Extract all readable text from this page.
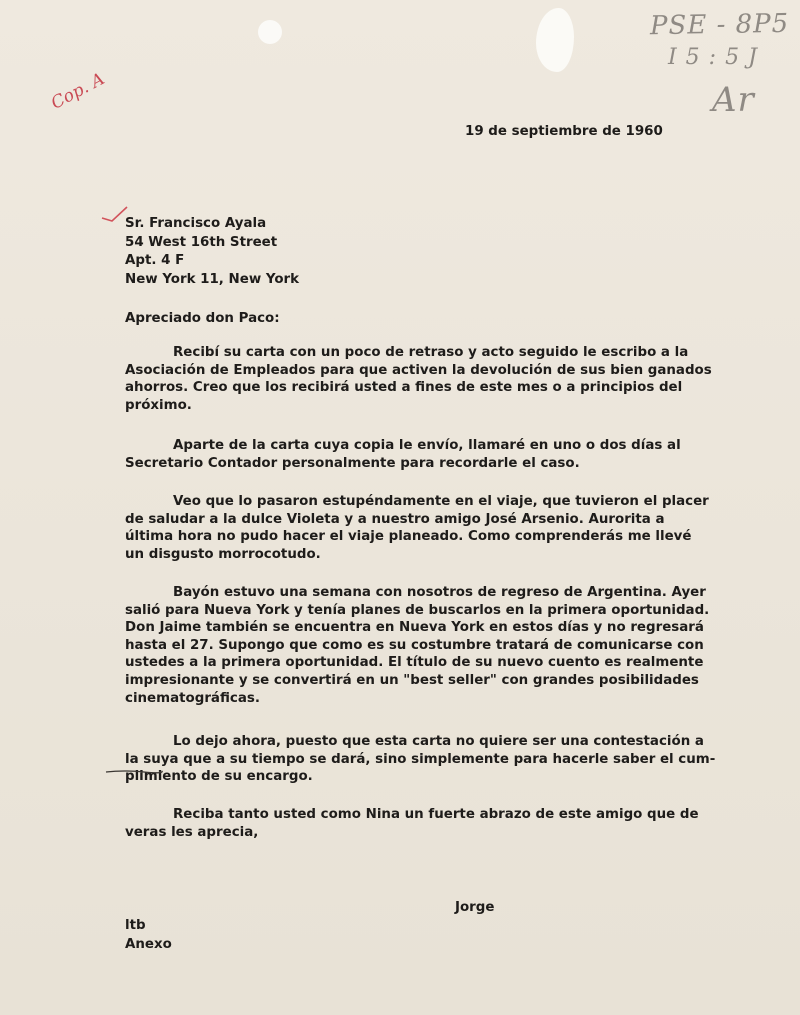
PSE - 8P5
I 5 : 5 J
Ar
Cop. A
19 de septiembre de 1960
Sr. Francisco Ayala
54 West 16th Street
Apt. 4 F
New York 11, New York
Apreciado don Paco:
Recibí su carta con un poco de retraso y acto seguido le escribo a la
Asociación de Empleados para que activen la devolución de sus bien ganados
ahorros. Creo que los recibirá usted a fines de este mes o a principios del
próximo.
Aparte de la carta cuya copia le envío, llamaré en uno o dos días al
Secretario Contador personalmente para recordarle el caso.
Veo que lo pasaron estupéndamente en el viaje, que tuvieron el placer
de saludar a la dulce Violeta y a nuestro amigo José Arsenio. Aurorita a
última hora no pudo hacer el viaje planeado. Como comprenderás me llevé
un disgusto morrocotudo.
Bayón estuvo una semana con nosotros de regreso de Argentina. Ayer
salió para Nueva York y tenía planes de buscarlos en la primera oportunidad.
Don Jaime también se encuentra en Nueva York en estos días y no regresará
hasta el 27. Supongo que como es su costumbre tratará de comunicarse con
ustedes a la primera oportunidad. El título de su nuevo cuento es realmente
impresionante y se convertirá en un "best seller" con grandes posibilidades
cinematográficas.
Lo dejo ahora, puesto que esta carta no quiere ser una contestación a
la suya que a su tiempo se dará, sino simplemente para hacerle saber el cum-
plimiento de su encargo.
Reciba tanto usted como Nina un fuerte abrazo de este amigo que de
veras les aprecia,
Jorge
ltb
Anexo
